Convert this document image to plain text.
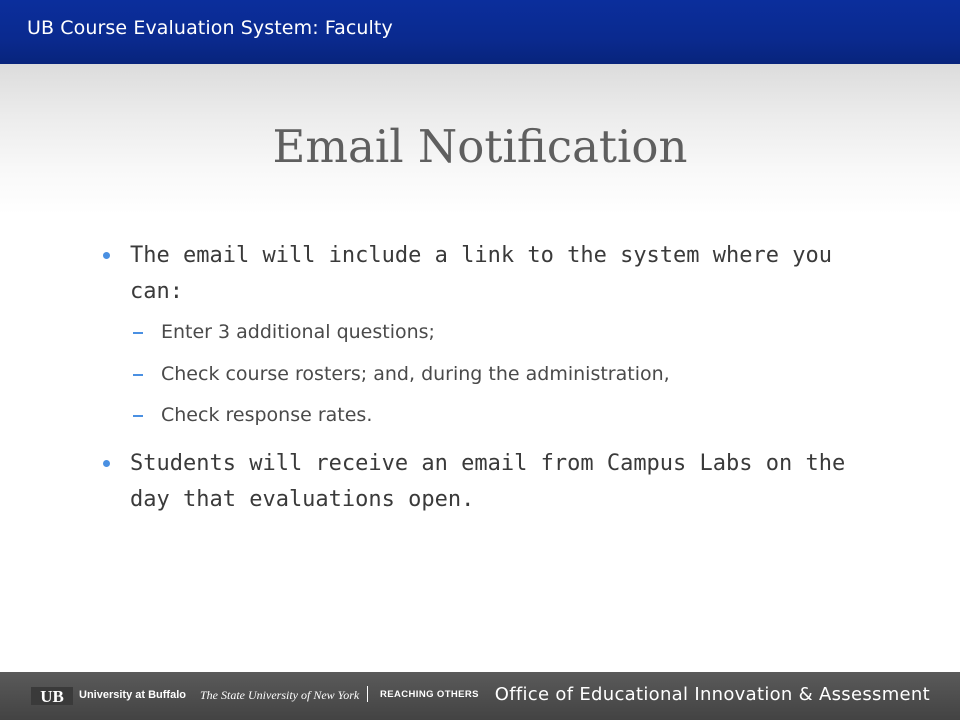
UB Course Evaluation System: Faculty
Email Notification
The email will include a link to the system where you can:
Enter 3 additional questions;
Check course rosters; and, during the administration,
Check response rates.
Students will receive an email from Campus Labs on the day that evaluations open.
UB University at Buffalo The State University of New York REACHING OTHERS Office of Educational Innovation & Assessment
